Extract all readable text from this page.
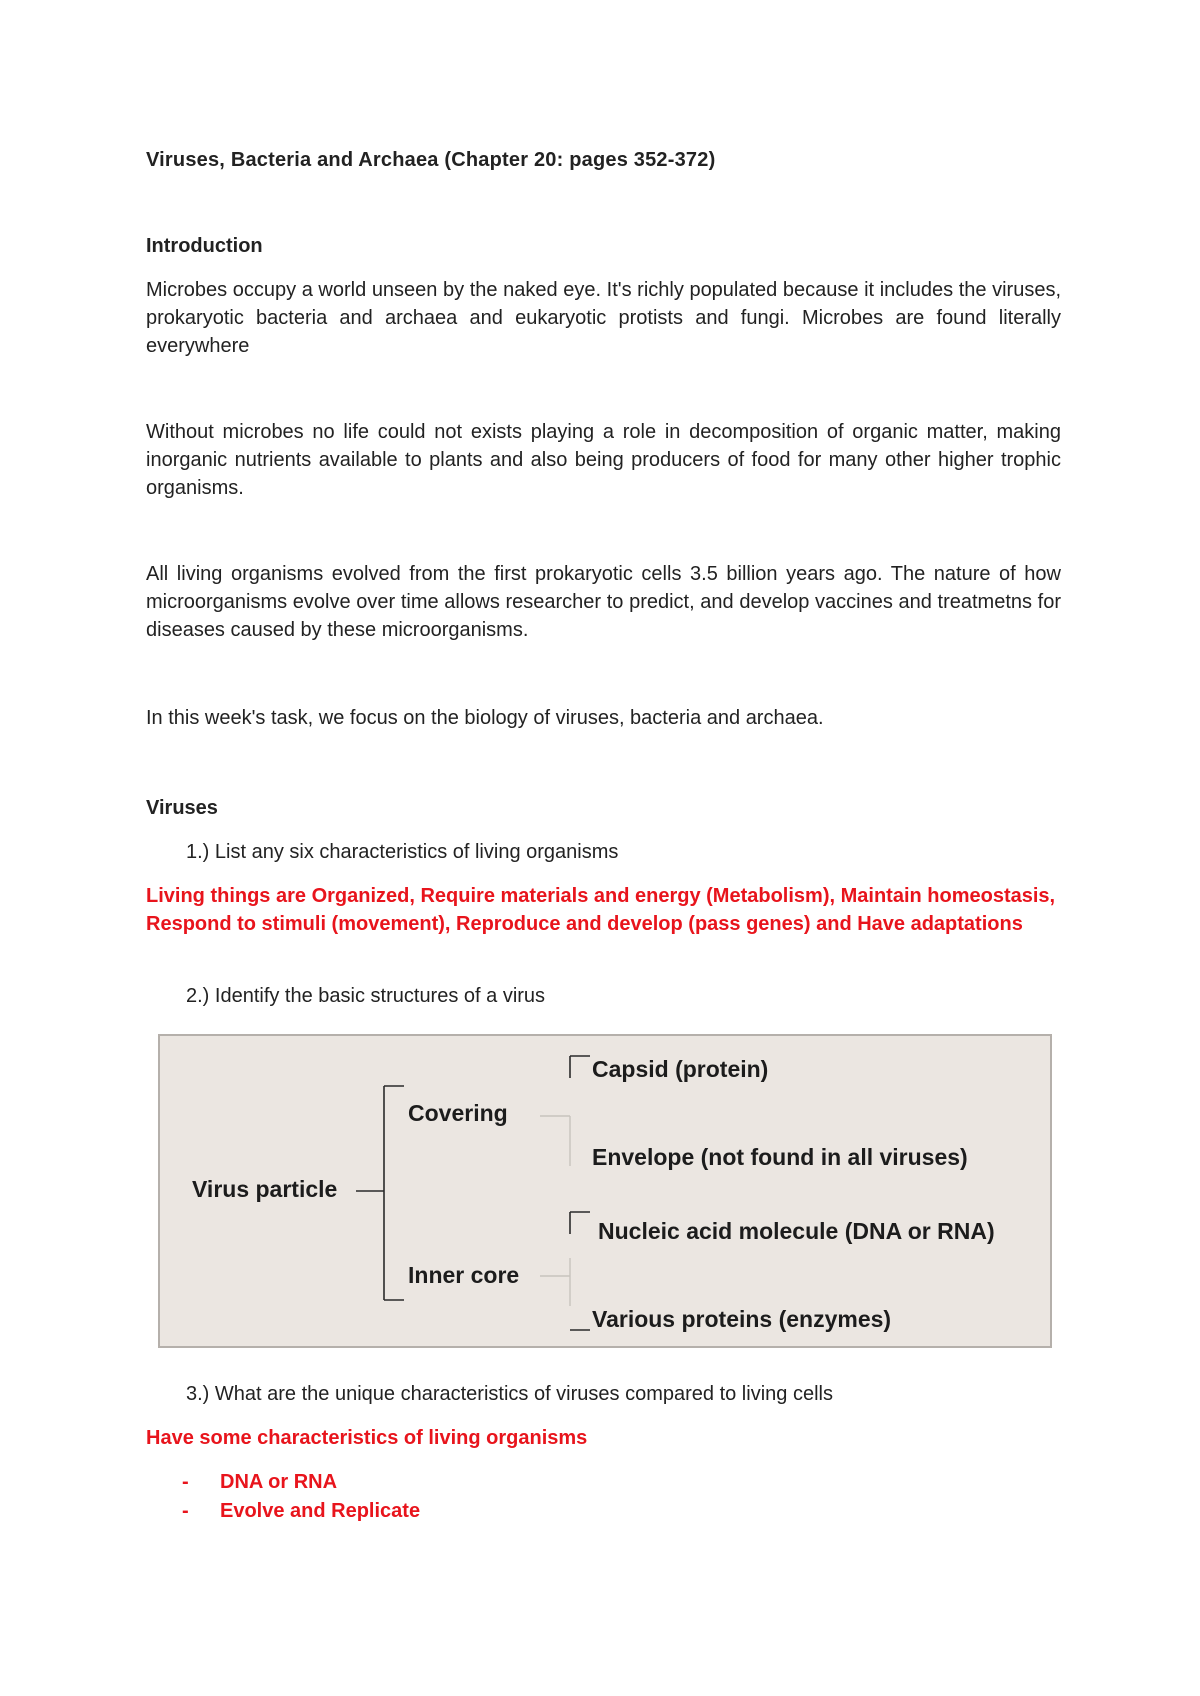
Viruses, Bacteria and Archaea (Chapter 20: pages 352-372)

Introduction

Microbes occupy a world unseen by the naked eye. It's richly populated because it includes the viruses, prokaryotic bacteria and archaea and eukaryotic protists and fungi. Microbes are found literally everywhere

Without microbes no life could not exists playing a role in decomposition of organic matter, making inorganic nutrients available to plants and also being producers of food for many other higher trophic organisms.

All living organisms evolved from the first prokaryotic cells 3.5 billion years ago. The nature of how microorganisms evolve over time allows researcher to predict, and develop vaccines and treatmetns for diseases caused by these microorganisms.

In this week's task, we focus on the biology of viruses, bacteria and archaea.

Viruses

1.) List any six characteristics of living organisms

Living things are Organized, Require materials and energy (Metabolism), Maintain homeostasis, Respond to stimuli (movement), Reproduce and develop (pass genes) and Have adaptations

2.) Identify the basic structures of a virus

Virus particle
Covering
Inner core
Capsid (protein)
Envelope (not found in all viruses)
Nucleic acid molecule (DNA or RNA)
Various proteins (enzymes)

3.) What are the unique characteristics of viruses compared to living cells

Have some characteristics of living organisms

- DNA or RNA
- Evolve and Replicate
